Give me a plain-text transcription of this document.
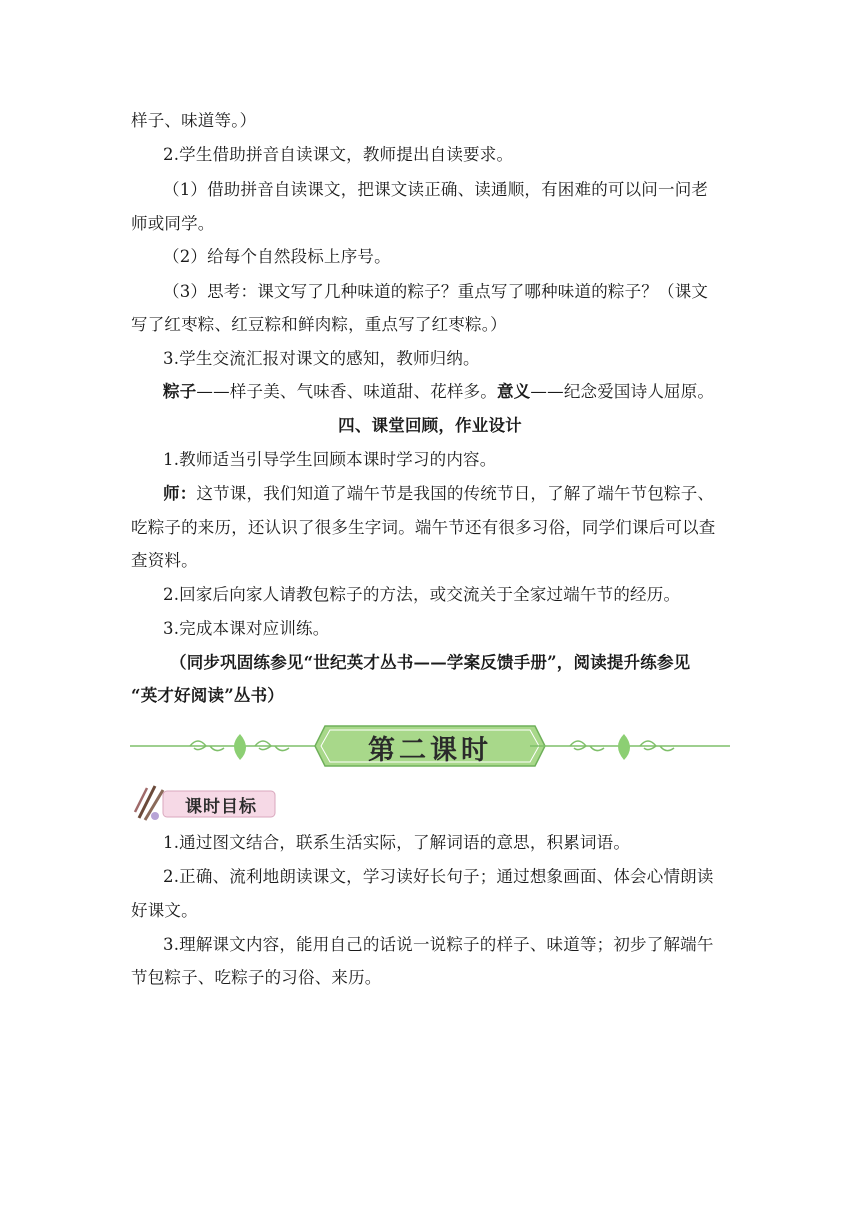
样子、味道等。）
2.学生借助拼音自读课文，教师提出自读要求。
（1）借助拼音自读课文，把课文读正确、读通顺，有困难的可以问一问老
师或同学。
（2）给每个自然段标上序号。
（3）思考：课文写了几种味道的粽子？重点写了哪种味道的粽子？（课文
写了红枣粽、红豆粽和鲜肉粽，重点写了红枣粽。）
3.学生交流汇报对课文的感知，教师归纳。
粽子——样子美、气味香、味道甜、花样多。意义——纪念爱国诗人屈原。
四、课堂回顾，作业设计
1.教师适当引导学生回顾本课时学习的内容。
师：这节课，我们知道了端午节是我国的传统节日，了解了端午节包粽子、
吃粽子的来历，还认识了很多生字词。端午节还有很多习俗，同学们课后可以查
查资料。
2.回家后向家人请教包粽子的方法，或交流关于全家过端午节的经历。
3.完成本课对应训练。
（同步巩固练参见“世纪英才丛书——学案反馈手册”，阅读提升练参见
“英才好阅读”丛书）
第二课时
课时目标
1.通过图文结合，联系生活实际，了解词语的意思，积累词语。
2.正确、流利地朗读课文，学习读好长句子；通过想象画面、体会心情朗读
好课文。
3.理解课文内容，能用自己的话说一说粽子的样子、味道等；初步了解端午
节包粽子、吃粽子的习俗、来历。
